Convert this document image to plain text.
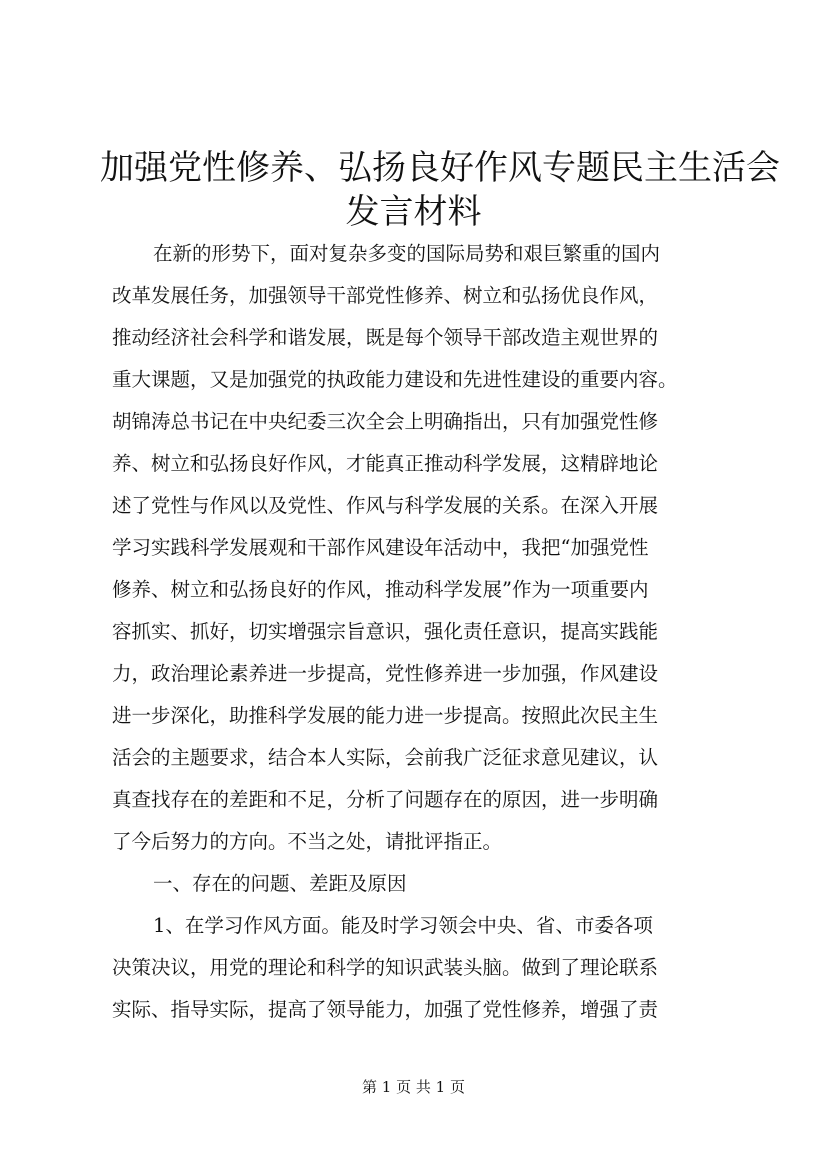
加强党性修养、弘扬良好作风专题民主生活会
发言材料
在新的形势下，面对复杂多变的国际局势和艰巨繁重的国内
改革发展任务，加强领导干部党性修养、树立和弘扬优良作风，
推动经济社会科学和谐发展，既是每个领导干部改造主观世界的
重大课题，又是加强党的执政能力建设和先进性建设的重要内容。
胡锦涛总书记在中央纪委三次全会上明确指出，只有加强党性修
养、树立和弘扬良好作风，才能真正推动科学发展，这精辟地论
述了党性与作风以及党性、作风与科学发展的关系。在深入开展
学习实践科学发展观和干部作风建设年活动中，我把“加强党性
修养、树立和弘扬良好的作风，推动科学发展”作为一项重要内
容抓实、抓好，切实增强宗旨意识，强化责任意识，提高实践能
力，政治理论素养进一步提高，党性修养进一步加强，作风建设
进一步深化，助推科学发展的能力进一步提高。按照此次民主生
活会的主题要求，结合本人实际，会前我广泛征求意见建议，认
真查找存在的差距和不足，分析了问题存在的原因，进一步明确
了今后努力的方向。不当之处，请批评指正。
一、存在的问题、差距及原因
1、在学习作风方面。能及时学习领会中央、省、市委各项
决策决议，用党的理论和科学的知识武装头脑。做到了理论联系
实际、指导实际，提高了领导能力，加强了党性修养，增强了责
第 1 页 共 1 页
